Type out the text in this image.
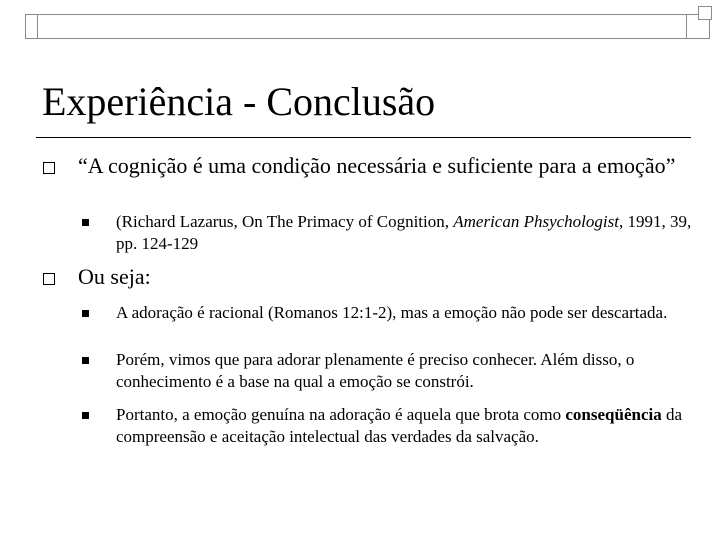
Experiência - Conclusão
“A cognição é uma condição necessária e suficiente para a emoção”
(Richard Lazarus, On The Primacy of Cognition, American Phsychologist, 1991, 39, pp. 124-129
Ou seja:
A adoração é racional (Romanos 12:1-2), mas a emoção não pode ser descartada.
Porém, vimos que para adorar plenamente é preciso conhecer. Além disso, o conhecimento é a base na qual a emoção se constrói.
Portanto, a emoção genuína na adoração é aquela que brota como conseqüência da compreensão e aceitação intelectual das verdades da salvação.
